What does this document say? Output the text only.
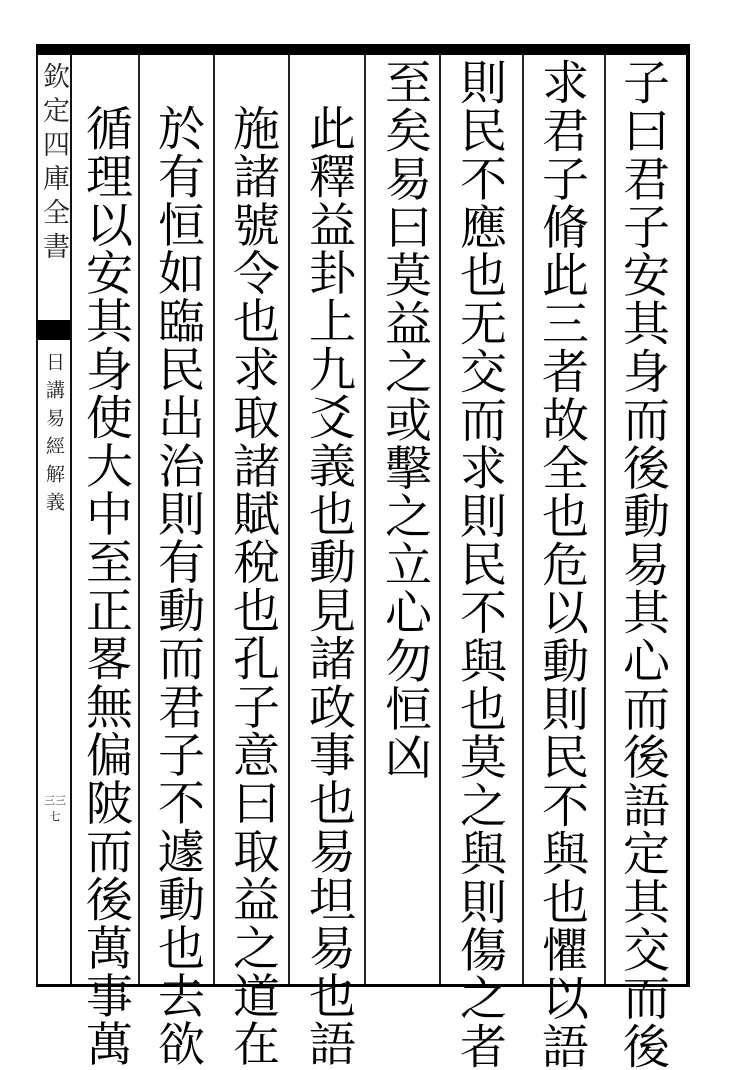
欽定四庫全書
日講易經解義
三三七	子曰君子安其身而後動易其心而後語定其交而後
求君子脩此三者故全也危以動則民不與也懼以語
則民不應也无交而求則民不與也莫之與則傷之者
至矣易曰莫益之或擊之立心勿恒凶
此釋益卦上九爻義也動見諸政事也易坦易也語
施諸號令也求取諸賦稅也孔子意曰取益之道在
於有恒如臨民出治則有動而君子不遽動也去欲
循理以安其身使大中至正畧無偏陂而後萬事萬
